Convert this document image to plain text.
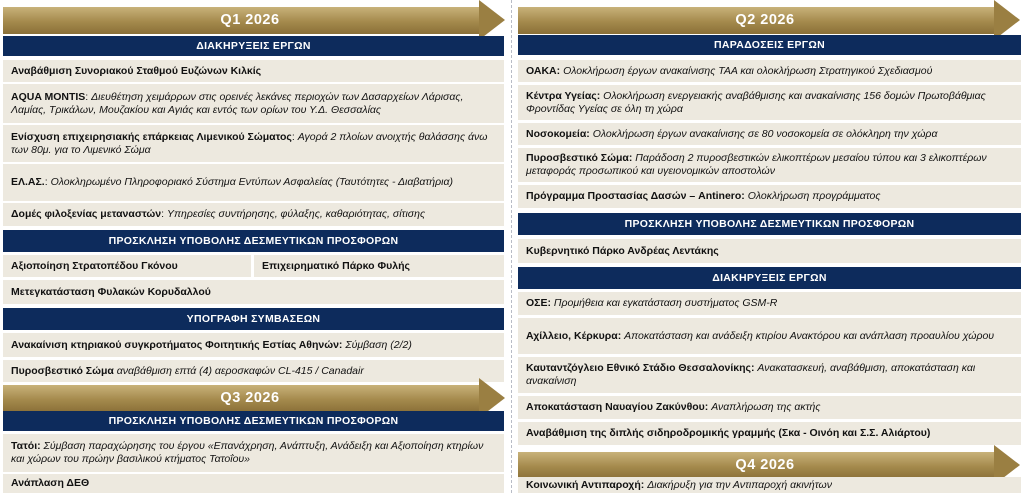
Q1 2026
ΔΙΑΚΗΡΥΞΕΙΣ ΕΡΓΩΝ
Αναβάθμιση Συνοριακού Σταθμού Ευζώνων Κιλκίς
AQUA MONTIS: Διευθέτηση χειμάρρων στις ορεινές λεκάνες περιοχών των Δασαρχείων Λάρισας, Λαμίας, Τρικάλων, Μουζακίου και Αγιάς και εντός των ορίων του Υ.Δ. Θεσσαλίας
Ενίσχυση επιχειρησιακής επάρκειας Λιμενικού Σώματος: Αγορά 2 πλοίων ανοιχτής θαλάσσης άνω των 80μ. για το Λιμενικό Σώμα
ΕΛ.ΑΣ.: Ολοκληρωμένο Πληροφοριακό Σύστημα Εντύπων Ασφαλείας (Ταυτότητες - Διαβατήρια)
Δομές φιλοξενίας μεταναστών: Υπηρεσίες συντήρησης, φύλαξης, καθαριότητας, σίτισης
ΠΡΟΣΚΛΗΣΗ ΥΠΟΒΟΛΗΣ ΔΕΣΜΕΥΤΙΚΩΝ ΠΡΟΣΦΟΡΩΝ
Αξιοποίηση Στρατοπέδου Γκόνου	Επιχειρηματικό Πάρκο Φυλής
Μετεγκατάσταση Φυλακών Κορυδαλλού
ΥΠΟΓΡΑΦΗ ΣΥΜΒΑΣΕΩΝ
Ανακαίνιση κτηριακού συγκροτήματος Φοιτητικής Εστίας Αθηνών: Σύμβαση (2/2)
Πυροσβεστικό Σώμα αναβάθμιση επτά (4) αεροσκαφών CL-415 / Canadair
Q3 2026
ΠΡΟΣΚΛΗΣΗ ΥΠΟΒΟΛΗΣ ΔΕΣΜΕΥΤΙΚΩΝ ΠΡΟΣΦΟΡΩΝ
Τατόι: Σύμβαση παραχώρησης του έργου «Επανάχρηση, Ανάπτυξη, Ανάδειξη και Αξιοποίηση κτηρίων και χώρων του πρώην βασιλικού κτήματος Τατοΐου»
Ανάπλαση ΔΕΘ
Q2 2026
ΠΑΡΑΔΟΣΕΙΣ ΕΡΓΩΝ
ΟΑΚΑ: Ολοκλήρωση έργων ανακαίνισης ΤΑΑ και ολοκλήρωση Στρατηγικού Σχεδιασμού
Κέντρα Υγείας: Ολοκλήρωση ενεργειακής αναβάθμισης και ανακαίνισης 156 δομών Πρωτοβάθμιας Φροντίδας Υγείας σε όλη τη χώρα
Νοσοκομεία: Ολοκλήρωση έργων ανακαίνισης σε 80 νοσοκομεία σε ολόκληρη την χώρα
Πυροσβεστικό Σώμα: Παράδοση 2 πυροσβεστικών ελικοπτέρων μεσαίου τύπου και 3 ελικοπτέρων μεταφοράς προσωπικού και υγειονομικών αποστολών
Πρόγραμμα Προστασίας Δασών – Antinero: Ολοκλήρωση προγράμματος
ΠΡΟΣΚΛΗΣΗ ΥΠΟΒΟΛΗΣ ΔΕΣΜΕΥΤΙΚΩΝ ΠΡΟΣΦΟΡΩΝ
Κυβερνητικό Πάρκο Ανδρέας Λεντάκης
ΔΙΑΚΗΡΥΞΕΙΣ ΕΡΓΩΝ
ΟΣΕ: Προμήθεια και εγκατάσταση συστήματος GSM-R
Αχίλλειο, Κέρκυρα: Αποκατάσταση και ανάδειξη κτιρίου Ανακτόρου και ανάπλαση προαυλίου χώρου
Καυταντζόγλειο Εθνικό Στάδιο Θεσσαλονίκης: Ανακατασκευή, αναβάθμιση, αποκατάσταση και ανακαίνιση
Αποκατάσταση Ναυαγίου Ζακύνθου: Αναπλήρωση της ακτής
Αναβάθμιση της διπλής σιδηροδρομικής γραμμής (Σκα - Οινόη και Σ.Σ. Αλιάρτου)
Q4 2026
Κοινωνική Αντιπαροχή: Διακήρυξη για την Αντιπαροχή ακινήτων
